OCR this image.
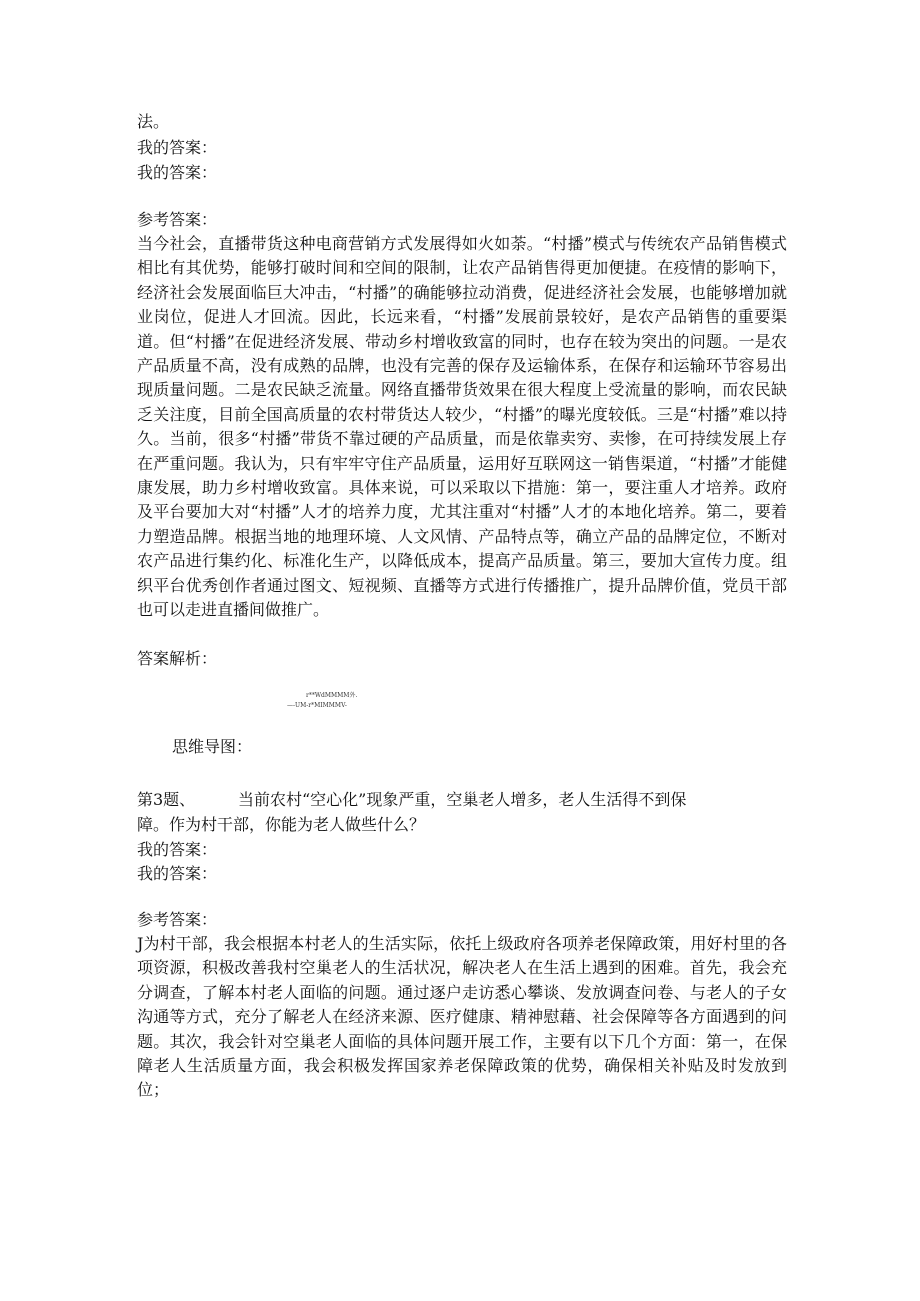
法。
我的答案：
我的答案：
参考答案：
当今社会，直播带货这种电商营销方式发展得如火如荼。“村播”模式与传统农产品销售模式相比有其优势，能够打破时间和空间的限制，让农产品销售得更加便捷。在疫情的影响下，经济社会发展面临巨大冲击，“村播”的确能够拉动消费，促进经济社会发展，也能够增加就业岗位，促进人才回流。因此，长远来看，“村播”发展前景较好，是农产品销售的重要渠道。但“村播”在促进经济发展、带动乡村增收致富的同时，也存在较为突出的问题。一是农产品质量不高，没有成熟的品牌，也没有完善的保存及运输体系，在保存和运输环节容易出现质量问题。二是农民缺乏流量。网络直播带货效果在很大程度上受流量的影响，而农民缺乏关注度，目前全国高质量的农村带货达人较少，“村播”的曝光度较低。三是“村播”难以持久。当前，很多“村播”带货不靠过硬的产品质量，而是依靠卖穷、卖惨，在可持续发展上存在严重问题。我认为，只有牢牢守住产品质量，运用好互联网这一销售渠道，“村播”才能健康发展，助力乡村增收致富。具体来说，可以采取以下措施：第一，要注重人才培养。政府及平台要加大对“村播”人才的培养力度，尤其注重对“村播”人才的本地化培养。第二，要着力塑造品牌。根据当地的地理环境、人文风情、产品特点等，确立产品的品牌定位，不断对农产品进行集约化、标准化生产，以降低成本，提高产品质量。第三，要加大宣传力度。组织平台优秀创作者通过图文、短视频、直播等方式进行传播推广，提升品牌价值，党员干部也可以走进直播间做推广。
答案解析：
r**WdMMMM外.
—-UM-r*MIMMMV-
思维导图：
第3题、	当前农村“空心化”现象严重，空巢老人增多，老人生活得不到保
障。作为村干部，你能为老人做些什么？
我的答案：
我的答案：
参考答案：
J为村干部，我会根据本村老人的生活实际，依托上级政府各项养老保障政策，用好村里的各项资源，积极改善我村空巢老人的生活状况，解决老人在生活上遇到的困难。首先，我会充分调查，了解本村老人面临的问题。通过逐户走访悉心攀谈、发放调查问卷、与老人的子女沟通等方式，充分了解老人在经济来源、医疗健康、精神慰藉、社会保障等各方面遇到的问题。其次，我会针对空巢老人面临的具体问题开展工作，主要有以下几个方面：第一，在保障老人生活质量方面，我会积极发挥国家养老保障政策的优势，确保相关补贴及时发放到位；
